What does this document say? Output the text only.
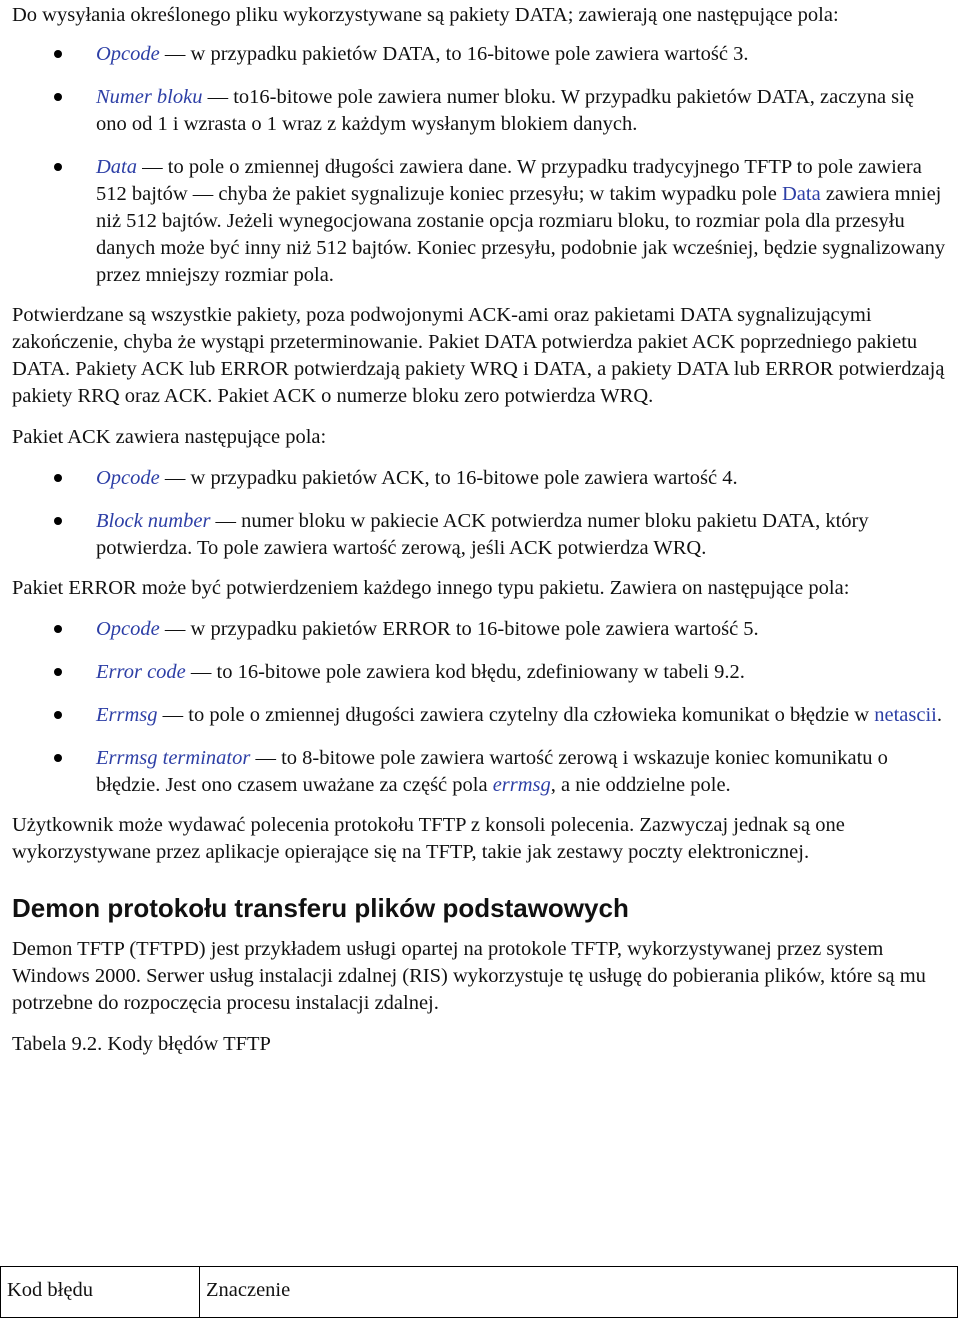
Do wysyłania określonego pliku wykorzystywane są pakiety DATA; zawierają one następujące pola:

Opcode — w przypadku pakietów DATA, to 16-bitowe pole zawiera wartość 3.
Numer bloku — to16-bitowe pole zawiera numer bloku. W przypadku pakietów DATA, zaczyna się ono od 1 i wzrasta o 1 wraz z każdym wysłanym blokiem danych.
Data — to pole o zmiennej długości zawiera dane. W przypadku tradycyjnego TFTP to pole zawiera 512 bajtów — chyba że pakiet sygnalizuje koniec przesyłu; w takim wypadku pole Data zawiera mniej niż 512 bajtów. Jeżeli wynegocjowana zostanie opcja rozmiaru bloku, to rozmiar pola dla przesyłu danych może być inny niż 512 bajtów. Koniec przesyłu, podobnie jak wcześniej, będzie sygnalizowany przez mniejszy rozmiar pola.

Potwierdzane są wszystkie pakiety, poza podwojonymi ACK-ami oraz pakietami DATA sygnalizującymi zakończenie, chyba że wystąpi przeterminowanie. Pakiet DATA potwierdza pakiet ACK poprzedniego pakietu DATA. Pakiety ACK lub ERROR potwierdzają pakiety WRQ i DATA, a pakiety DATA lub ERROR potwierdzają pakiety RRQ oraz ACK. Pakiet ACK o numerze bloku zero potwierdza WRQ.

Pakiet ACK zawiera następujące pola:

Opcode — w przypadku pakietów ACK, to 16-bitowe pole zawiera wartość 4.
Block number — numer bloku w pakiecie ACK potwierdza numer bloku pakietu DATA, który potwierdza. To pole zawiera wartość zerową, jeśli ACK potwierdza WRQ.

Pakiet ERROR może być potwierdzeniem każdego innego typu pakietu. Zawiera on następujące pola:

Opcode — w przypadku pakietów ERROR to 16-bitowe pole zawiera wartość 5.
Error code — to 16-bitowe pole zawiera kod błędu, zdefiniowany w tabeli 9.2.
Errmsg — to pole o zmiennej długości zawiera czytelny dla człowieka komunikat o błędzie w netascii.
Errmsg terminator — to 8-bitowe pole zawiera wartość zerową i wskazuje koniec komunikatu o błędzie. Jest ono czasem uważane za część pola errmsg, a nie oddzielne pole.

Użytkownik może wydawać polecenia protokołu TFTP z konsoli polecenia. Zazwyczaj jednak są one wykorzystywane przez aplikacje opierające się na TFTP, takie jak zestawy poczty elektronicznej.

Demon protokołu transferu plików podstawowych

Demon TFTP (TFTPD) jest przykładem usługi opartej na protokole TFTP, wykorzystywanej przez system Windows 2000. Serwer usług instalacji zdalnej (RIS) wykorzystuje tę usługę do pobierania plików, które są mu potrzebne do rozpoczęcia procesu instalacji zdalnej.

Tabela 9.2. Kody błędów TFTP

Kod błędu	Znaczenie
